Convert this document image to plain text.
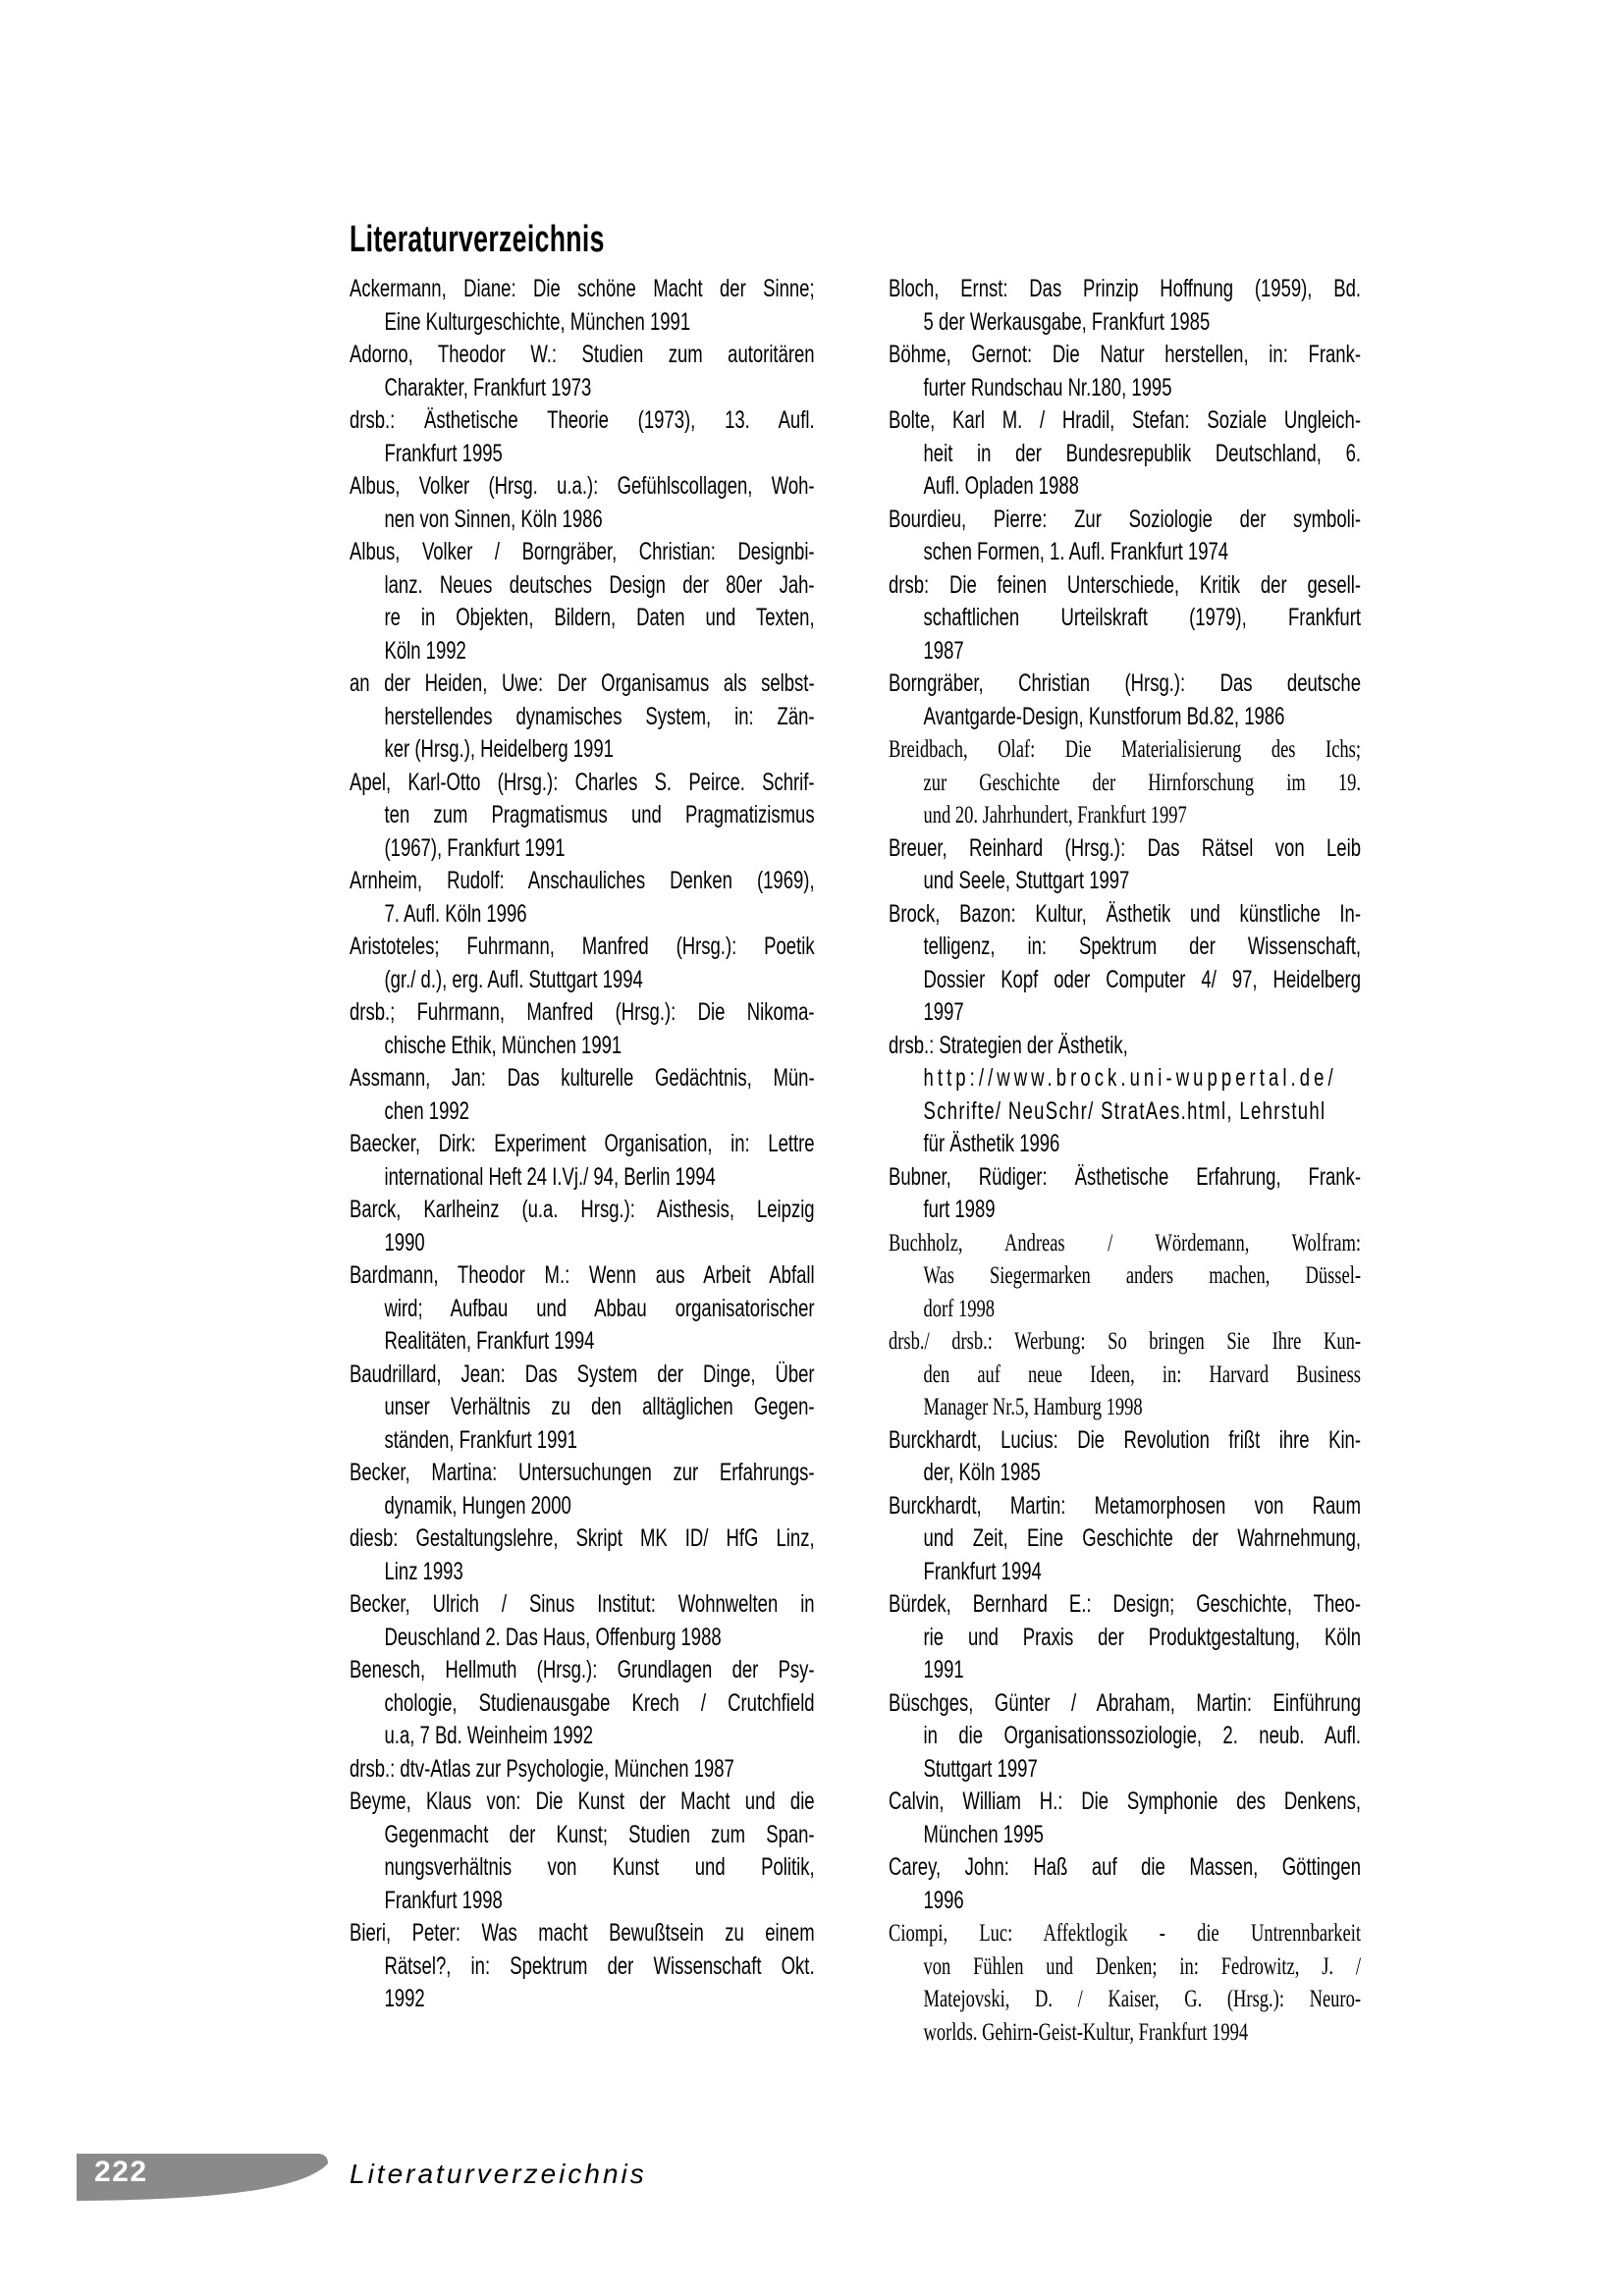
Literaturverzeichnis
Ackermann, Diane: Die schöne Macht der Sinne;
Eine Kulturgeschichte, München 1991
Adorno, Theodor W.: Studien zum autoritären
Charakter, Frankfurt 1973
drsb.: Ästhetische Theorie (1973), 13. Aufl.
Frankfurt 1995
Albus, Volker (Hrsg. u.a.): Gefühlscollagen, Woh-
nen von Sinnen, Köln 1986
Albus, Volker / Borngräber, Christian: Designbi-
lanz. Neues deutsches Design der 80er Jah-
re in Objekten, Bildern, Daten und Texten,
Köln 1992
an der Heiden, Uwe: Der Organisamus als selbst-
herstellendes dynamisches System, in: Zän-
ker (Hrsg.), Heidelberg 1991
Apel, Karl-Otto (Hrsg.): Charles S. Peirce. Schrif-
ten zum Pragmatismus und Pragmatizismus
(1967), Frankfurt 1991
Arnheim, Rudolf: Anschauliches Denken (1969),
7. Aufl. Köln 1996
Aristoteles; Fuhrmann, Manfred (Hrsg.): Poetik
(gr./ d.), erg. Aufl. Stuttgart 1994
drsb.; Fuhrmann, Manfred (Hrsg.): Die Nikoma-
chische Ethik, München 1991
Assmann, Jan: Das kulturelle Gedächtnis, Mün-
chen 1992
Baecker, Dirk: Experiment Organisation, in: Lettre
international Heft 24 I.Vj./ 94, Berlin 1994
Barck, Karlheinz (u.a. Hrsg.): Aisthesis, Leipzig
1990
Bardmann, Theodor M.: Wenn aus Arbeit Abfall
wird; Aufbau und Abbau organisatorischer
Realitäten, Frankfurt 1994
Baudrillard, Jean: Das System der Dinge, Über
unser Verhältnis zu den alltäglichen Gegen-
ständen, Frankfurt 1991
Becker, Martina: Untersuchungen zur Erfahrungs-
dynamik, Hungen 2000
diesb: Gestaltungslehre, Skript MK ID/ HfG Linz,
Linz 1993
Becker, Ulrich / Sinus Institut: Wohnwelten in
Deuschland 2. Das Haus, Offenburg 1988
Benesch, Hellmuth (Hrsg.): Grundlagen der Psy-
chologie, Studienausgabe Krech / Crutchfield
u.a, 7 Bd. Weinheim 1992
drsb.: dtv-Atlas zur Psychologie, München 1987
Beyme, Klaus von: Die Kunst der Macht und die
Gegenmacht der Kunst; Studien zum Span-
nungsverhältnis von Kunst und Politik,
Frankfurt 1998
Bieri, Peter: Was macht Bewußtsein zu einem
Rätsel?, in: Spektrum der Wissenschaft Okt.
1992
Bloch, Ernst: Das Prinzip Hoffnung (1959), Bd.
5 der Werkausgabe, Frankfurt 1985
Böhme, Gernot: Die Natur herstellen, in: Frank-
furter Rundschau Nr.180, 1995
Bolte, Karl M. / Hradil, Stefan: Soziale Ungleich-
heit in der Bundesrepublik Deutschland, 6.
Aufl. Opladen 1988
Bourdieu, Pierre: Zur Soziologie der symboli-
schen Formen, 1. Aufl. Frankfurt 1974
drsb: Die feinen Unterschiede, Kritik der gesell-
schaftlichen Urteilskraft (1979), Frankfurt
1987
Borngräber, Christian (Hrsg.): Das deutsche
Avantgarde-Design, Kunstforum Bd.82, 1986
Breidbach, Olaf: Die Materialisierung des Ichs;
zur Geschichte der Hirnforschung im 19.
und 20. Jahrhundert, Frankfurt 1997
Breuer, Reinhard (Hrsg.): Das Rätsel von Leib
und Seele, Stuttgart 1997
Brock, Bazon: Kultur, Ästhetik und künstliche In-
telligenz, in: Spektrum der Wissenschaft,
Dossier Kopf oder Computer 4/ 97, Heidelberg
1997
drsb.: Strategien der Ästhetik,
http://www.brock.uni-wuppertal.de/
Schrifte/ NeuSchr/ StratAes.html, Lehrstuhl
für Ästhetik 1996
Bubner, Rüdiger: Ästhetische Erfahrung, Frank-
furt 1989
Buchholz, Andreas / Wördemann, Wolfram:
Was Siegermarken anders machen, Düssel-
dorf 1998
drsb./ drsb.: Werbung: So bringen Sie Ihre Kun-
den auf neue Ideen, in: Harvard Business
Manager Nr.5, Hamburg 1998
Burckhardt, Lucius: Die Revolution frißt ihre Kin-
der, Köln 1985
Burckhardt, Martin: Metamorphosen von Raum
und Zeit, Eine Geschichte der Wahrnehmung,
Frankfurt 1994
Bürdek, Bernhard E.: Design; Geschichte, Theo-
rie und Praxis der Produktgestaltung, Köln
1991
Büschges, Günter / Abraham, Martin: Einführung
in die Organisationssoziologie, 2. neub. Aufl.
Stuttgart 1997
Calvin, William H.: Die Symphonie des Denkens,
München 1995
Carey, John: Haß auf die Massen, Göttingen
1996
Ciompi, Luc: Affektlogik - die Untrennbarkeit
von Fühlen und Denken; in: Fedrowitz, J. /
Matejovski, D. / Kaiser, G. (Hrsg.): Neuro-
worlds. Gehirn-Geist-Kultur, Frankfurt 1994
222	Literaturverzeichnis
